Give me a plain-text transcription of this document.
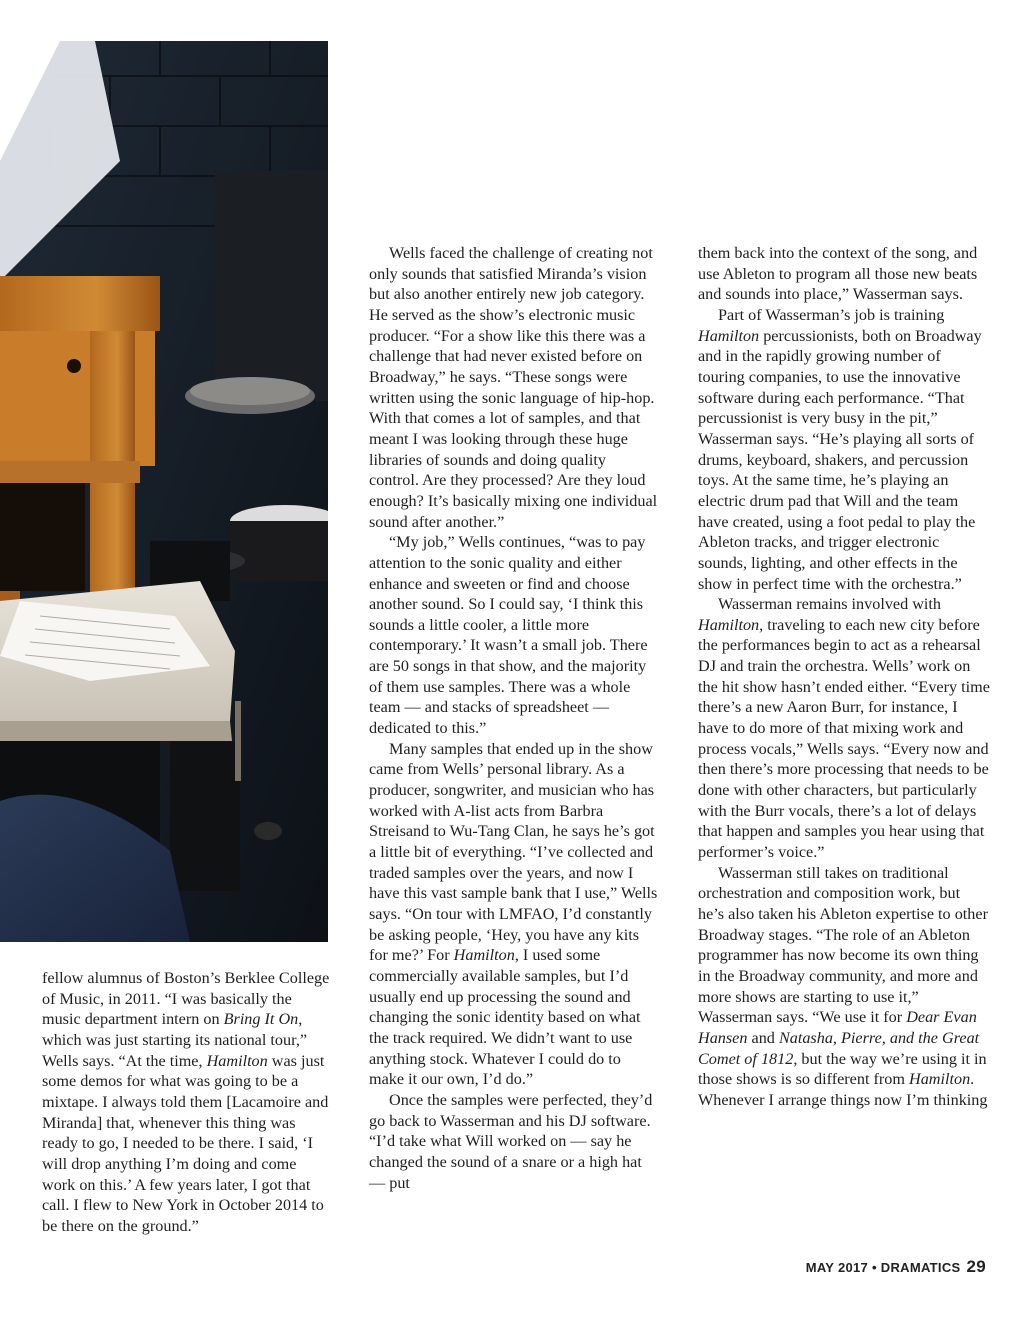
fellow alumnus of Boston’s Berklee College of Music, in 2011. “I was basically the music department intern on Bring It On, which was just starting its national tour,” Wells says. “At the time, Hamilton was just some demos for what was going to be a mixtape. I always told them [Lacamoire and Miranda] that, whenever this thing was ready to go, I needed to be there. I said, ‘I will drop anything I’m doing and come work on this.’ A few years later, I got that call. I flew to New York in October 2014 to be there on the ground.”

Wells faced the challenge of creating not only sounds that satisfied Miranda’s vision but also another entirely new job category. He served as the show’s electronic music producer. “For a show like this there was a challenge that had never existed before on Broadway,” he says. “These songs were written using the sonic language of hip-hop. With that comes a lot of samples, and that meant I was looking through these huge libraries of sounds and doing quality control. Are they processed? Are they loud enough? It’s basically mixing one individual sound after another.”

“My job,” Wells continues, “was to pay attention to the sonic quality and either enhance and sweeten or find and choose another sound. So I could say, ‘I think this sounds a little cooler, a little more contemporary.’ It wasn’t a small job. There are 50 songs in that show, and the majority of them use samples. There was a whole team — and stacks of spreadsheet — dedicated to this.”

Many samples that ended up in the show came from Wells’ personal library. As a producer, songwriter, and musician who has worked with A-list acts from Barbra Streisand to Wu-Tang Clan, he says he’s got a little bit of everything. “I’ve collected and traded samples over the years, and now I have this vast sample bank that I use,” Wells says. “On tour with LMFAO, I’d constantly be asking people, ‘Hey, you have any kits for me?’ For Hamilton, I used some commercially available samples, but I’d usually end up processing the sound and changing the sonic identity based on what the track required. We didn’t want to use anything stock. Whatever I could do to make it our own, I’d do.”

Once the samples were perfected, they’d go back to Wasserman and his DJ software. “I’d take what Will worked on — say he changed the sound of a snare or a high hat — put

them back into the context of the song, and use Ableton to program all those new beats and sounds into place,” Wasserman says.

Part of Wasserman’s job is training Hamilton percussionists, both on Broadway and in the rapidly growing number of touring companies, to use the innovative software during each performance. “That percussionist is very busy in the pit,” Wasserman says. “He’s playing all sorts of drums, keyboard, shakers, and percussion toys. At the same time, he’s playing an electric drum pad that Will and the team have created, using a foot pedal to play the Ableton tracks, and trigger electronic sounds, lighting, and other effects in the show in perfect time with the orchestra.”

Wasserman remains involved with Hamilton, traveling to each new city before the performances begin to act as a rehearsal DJ and train the orchestra. Wells’ work on the hit show hasn’t ended either. “Every time there’s a new Aaron Burr, for instance, I have to do more of that mixing work and process vocals,” Wells says. “Every now and then there’s more processing that needs to be done with other characters, but particularly with the Burr vocals, there’s a lot of delays that happen and samples you hear using that performer’s voice.”

Wasserman still takes on traditional orchestration and composition work, but he’s also taken his Ableton expertise to other Broadway stages. “The role of an Ableton programmer has now become its own thing in the Broadway community, and more and more shows are starting to use it,” Wasserman says. “We use it for Dear Evan Hansen and Natasha, Pierre, and the Great Comet of 1812, but the way we’re using it in those shows is so different from Hamilton. Whenever I arrange things now I’m thinking

MAY 2017 • DRAMATICS 29
